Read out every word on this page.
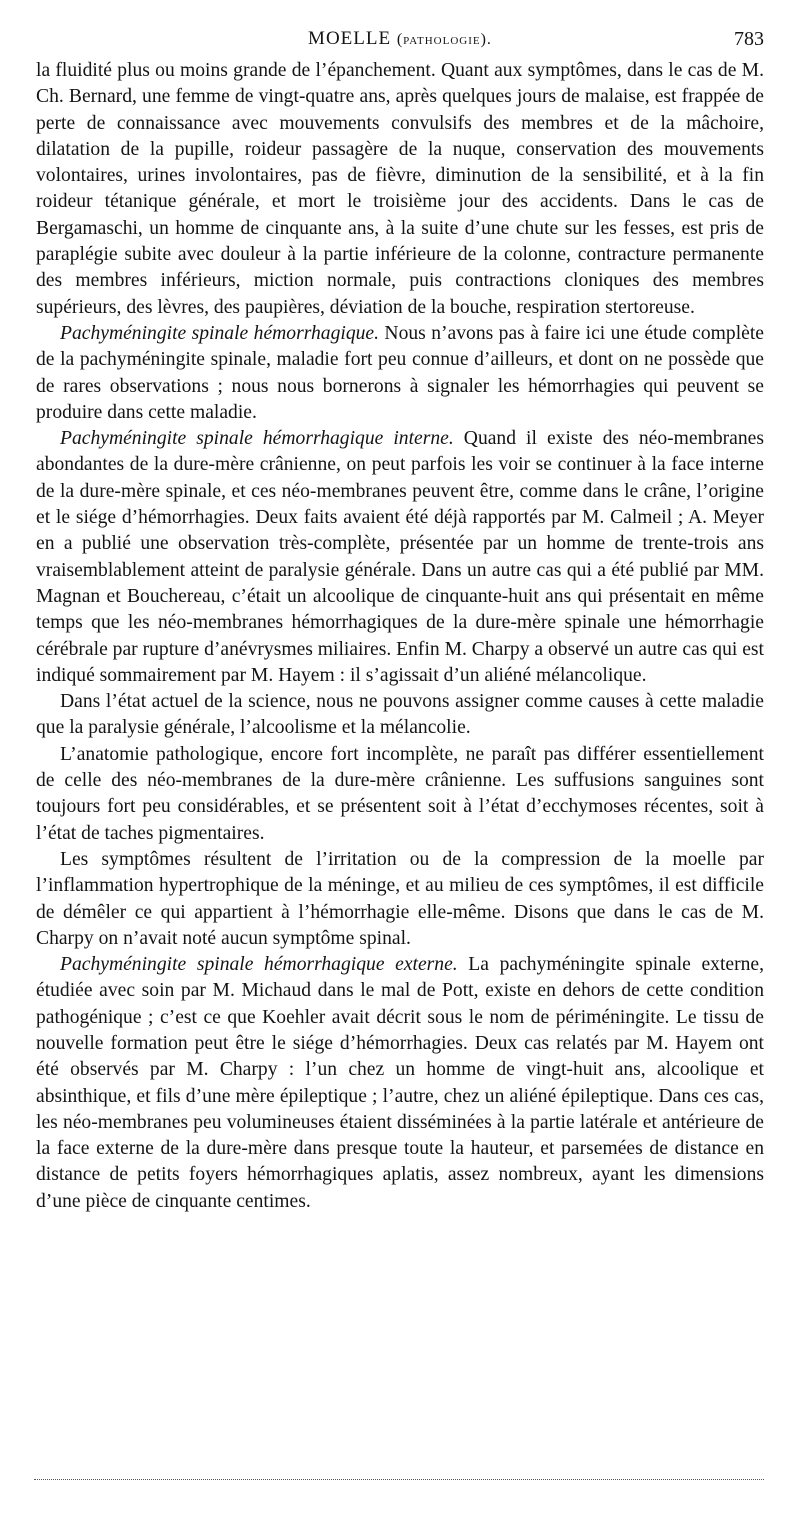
MOELLE (pathologie).	783

la fluidité plus ou moins grande de l’épanchement. Quant aux symptômes, dans le cas de M. Ch. Bernard, une femme de vingt-quatre ans, après quelques jours de malaise, est frappée de perte de connaissance avec mouvements convulsifs des membres et de la mâchoire, dilatation de la pupille, roideur passagère de la nuque, conservation des mouvements volontaires, urines involontaires, pas de fièvre, diminution de la sensibilité, et à la fin roideur tétanique générale, et mort le troisième jour des accidents. Dans le cas de Bergamaschi, un homme de cinquante ans, à la suite d’une chute sur les fesses, est pris de paraplégie subite avec douleur à la partie inférieure de la colonne, contracture permanente des membres inférieurs, miction normale, puis contractions cloniques des membres supérieurs, des lèvres, des paupières, déviation de la bouche, respiration stertoreuse.

Pachyméningite spinale hémorrhagique. Nous n’avons pas à faire ici une étude complète de la pachyméningite spinale, maladie fort peu connue d’ailleurs, et dont on ne possède que de rares observations ; nous nous bornerons à signaler les hémorrhagies qui peuvent se produire dans cette maladie.

Pachyméningite spinale hémorrhagique interne. Quand il existe des néo-membranes abondantes de la dure-mère crânienne, on peut parfois les voir se continuer à la face interne de la dure-mère spinale, et ces néo-membranes peuvent être, comme dans le crâne, l’origine et le siége d’hémorrhagies. Deux faits avaient été déjà rapportés par M. Calmeil ; A. Meyer en a publié une observation très-complète, présentée par un homme de trente-trois ans vraisemblablement atteint de paralysie générale. Dans un autre cas qui a été publié par MM. Magnan et Bouchereau, c’était un alcoolique de cinquante-huit ans qui présentait en même temps que les néo-membranes hémorrhagiques de la dure-mère spinale une hémorrhagie cérébrale par rupture d’anévrysmes miliaires. Enfin M. Charpy a observé un autre cas qui est indiqué sommairement par M. Hayem : il s’agissait d’un aliéné mélancolique.

Dans l’état actuel de la science, nous ne pouvons assigner comme causes à cette maladie que la paralysie générale, l’alcoolisme et la mélancolie.

L’anatomie pathologique, encore fort incomplète, ne paraît pas différer essentiellement de celle des néo-membranes de la dure-mère crânienne. Les suffusions sanguines sont toujours fort peu considérables, et se présentent soit à l’état d’ecchymoses récentes, soit à l’état de taches pigmentaires.

Les symptômes résultent de l’irritation ou de la compression de la moelle par l’inflammation hypertrophique de la méninge, et au milieu de ces symptômes, il est difficile de démêler ce qui appartient à l’hémorrhagie elle-même. Disons que dans le cas de M. Charpy on n’avait noté aucun symptôme spinal.

Pachyméningite spinale hémorrhagique externe. La pachyméningite spinale externe, étudiée avec soin par M. Michaud dans le mal de Pott, existe en dehors de cette condition pathogénique ; c’est ce que Koehler avait décrit sous le nom de périméningite. Le tissu de nouvelle formation peut être le siége d’hémorrhagies. Deux cas relatés par M. Hayem ont été observés par M. Charpy : l’un chez un homme de vingt-huit ans, alcoolique et absinthique, et fils d’une mère épileptique ; l’autre, chez un aliéné épileptique. Dans ces cas, les néo-membranes peu volumineuses étaient disséminées à la partie latérale et antérieure de la face externe de la dure-mère dans presque toute la hauteur, et parsemées de distance en distance de petits foyers hémorrhagiques aplatis, assez nombreux, ayant les dimensions d’une pièce de cinquante centimes.
